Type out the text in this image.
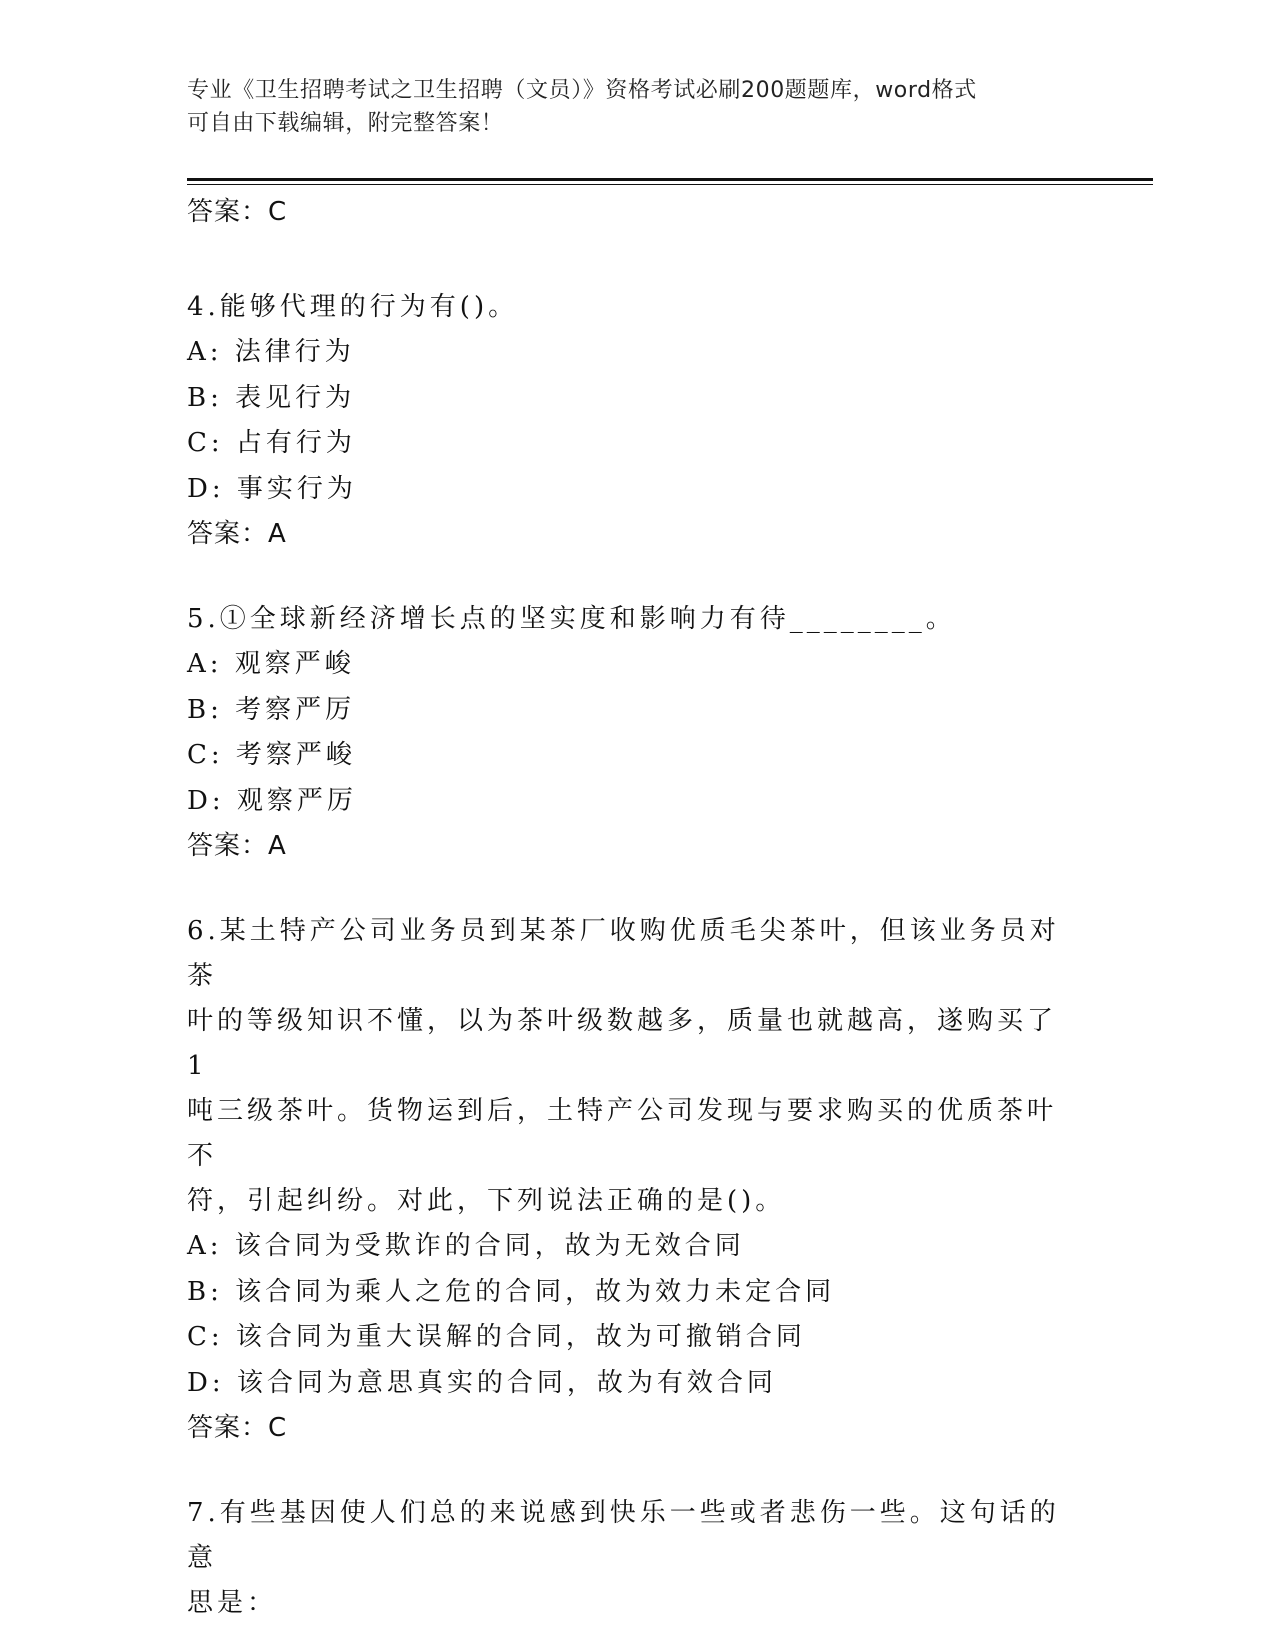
专业《卫生招聘考试之卫生招聘（文员）》资格考试必刷200题题库，word格式
可自由下载编辑，附完整答案！

答案：C

4.能够代理的行为有()。

A: 法律行为

B: 表见行为

C: 占有行为

D: 事实行为

答案：A

5.①全球新经济增长点的坚实度和影响力有待________。

A: 观察严峻

B: 考察严厉

C: 考察严峻

D: 观察严厉

答案：A

6.某土特产公司业务员到某茶厂收购优质毛尖茶叶，但该业务员对茶

叶的等级知识不懂，以为茶叶级数越多，质量也就越高，遂购买了1

吨三级茶叶。货物运到后，土特产公司发现与要求购买的优质茶叶不

符，引起纠纷。对此，下列说法正确的是()。

A: 该合同为受欺诈的合同，故为无效合同

B: 该合同为乘人之危的合同，故为效力未定合同

C: 该合同为重大误解的合同，故为可撤销合同

D: 该合同为意思真实的合同，故为有效合同

答案：C

7.有些基因使人们总的来说感到快乐一些或者悲伤一些。这句话的意

思是：
